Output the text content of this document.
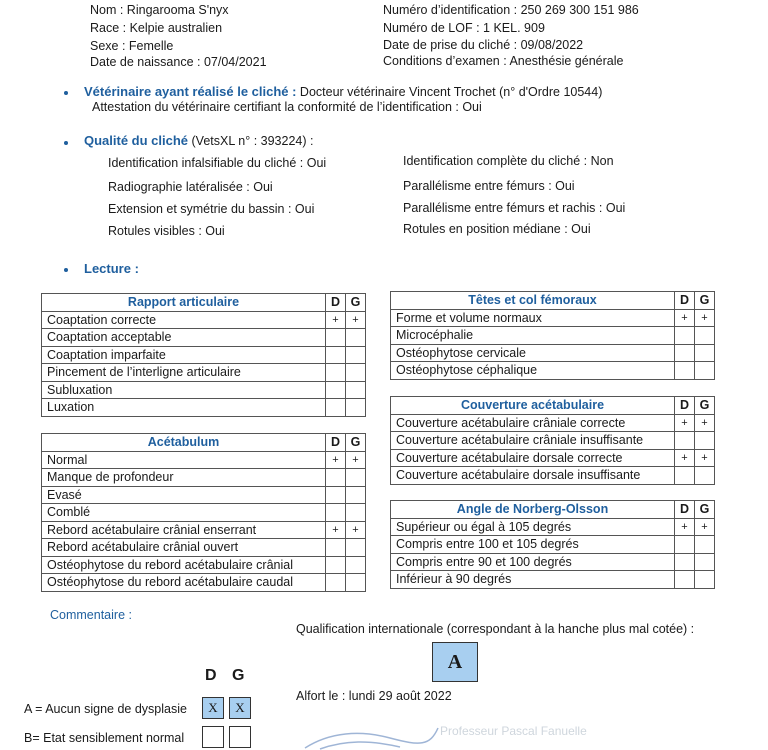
Nom : Ringarooma S'nyx
Race : Kelpie australien
Sexe : Femelle
Date de naissance : 07/04/2021
Numéro d’identification : 250 269 300 151 986
Numéro de LOF : 1 KEL. 909
Date de prise du cliché : 09/08/2022
Conditions d’examen : Anesthésie générale
Vétérinaire ayant réalisé le cliché : Docteur vétérinaire Vincent Trochet (n° d'Ordre 10544)
Attestation du vétérinaire certifiant la conformité de l’identification : Oui
Qualité du cliché (VetsXL n° : 393224) :
Identification infalsifiable du cliché : Oui
Radiographie latéralisée : Oui
Extension et symétrie du bassin : Oui
Rotules visibles : Oui
Identification complète du cliché : Non
Parallélisme entre fémurs : Oui
Parallélisme entre fémurs et rachis : Oui
Rotules en position médiane : Oui
Lecture :
Rapport articulaire	D	G
Coaptation correcte	+	+
Coaptation acceptable		
Coaptation imparfaite		
Pincement de l’interligne articulaire		
Subluxation		
Luxation		
Acétabulum	D	G
Normal	+	+
Manque de profondeur		
Evasé		
Comblé		
Rebord acétabulaire crânial enserrant	+	+
Rebord acétabulaire crânial ouvert		
Ostéophytose du rebord acétabulaire crânial		
Ostéophytose du rebord acétabulaire caudal		
Têtes et col fémoraux	D	G
Forme et volume normaux	+	+
Microcéphalie		
Ostéophytose cervicale		
Ostéophytose céphalique		
Couverture acétabulaire	D	G
Couverture acétabulaire crâniale correcte	+	+
Couverture acétabulaire crâniale insuffisante		
Couverture acétabulaire dorsale correcte	+	+
Couverture acétabulaire dorsale insuffisante		
Angle de Norberg-Olsson	D	G
Supérieur ou égal à 105 degrés	+	+
Compris entre 100 et 105 degrés		
Compris entre 90 et 100 degrés		
Inférieur à 90 degrés		
Commentaire :
Qualification internationale (correspondant à la hanche plus mal cotée) :
A
Alfort le : lundi 29 août 2022
D G
A = Aucun signe de dysplasie X X
B= Etat sensiblement normal	Professeur Pascal Fanuelle
